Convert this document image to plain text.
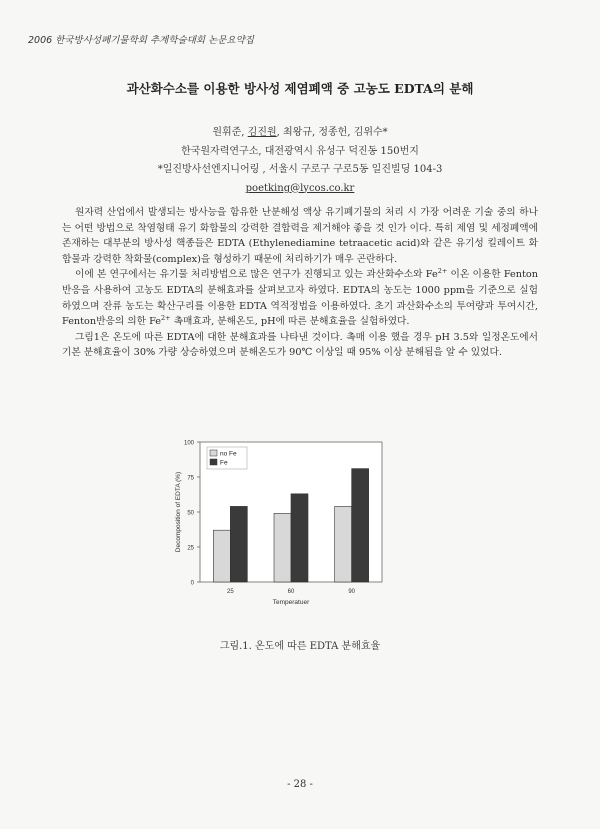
2006 한국방사성폐기물학회 추계학술대회 논문요약집
과산화수소를 이용한 방사성 제염폐액 중 고농도 EDTA의 분해
원휘준, 김진원, 최왕규, 정종헌, 김위수*
한국원자력연구소, 대전광역시 유성구 덕진동 150번지
*일진방사선엔지니어링 , 서울시 구로구 구로5동 일진빌딩 104-3
poetking@lycos.co.kr

원자력 산업에서 발생되는 방사능을 함유한 난분해성 액상 유기폐기물의 처리 시 가장 어려운 기술 중의 하나는 어떤 방법으로 착염형태 유기 화합물의 강력한 결합력을 제거해야 좋을 것 인가 이다. 특히 제염 및 세정폐액에 존재하는 대부분의 방사성 핵종들은 EDTA (Ethylenediamine tetraacetic acid)와 같은 유기성 킬레이트 화합물과 강력한 착화물(complex)을 형성하기 때문에 처리하기가 매우 곤란하다.

이에 본 연구에서는 유기물 처리방법으로 많은 연구가 진행되고 있는 과산화수소와 $Fe^{2+}$ 이온 이용한 Fenton 반응을 사용하여 고농도 EDTA의 분해효과를 살펴보고자 하였다. EDTA의 농도는 1000 ppm을 기준으로 실험하였으며 잔류 농도는 확산구리를 이용한 EDTA 역적정법을 이용하였다. 초기 과산화수소의 투여량과 투여시간, Fenton반응의 의한 $Fe^{2+}$ 촉매효과, 분해온도, pH에 따른 분해효율을 실험하였다.

그림1은 온도에 따른 EDTA에 대한 분해효과를 나타낸 것이다. 촉매 이용 했을 경우 pH 3.5와 일정온도에서 기본 분해효율이 30% 가량 상승하였으며 분해온도가 90℃ 이상일 때 95% 이상 분해됨을 알 수 있었다.

0
25
50
75
100
25	60	90
Temperatuer
Decomposition of EDTA (%)
no Fe
Fe
그림.1. 온도에 따른 EDTA 분해효율
- 28 -
